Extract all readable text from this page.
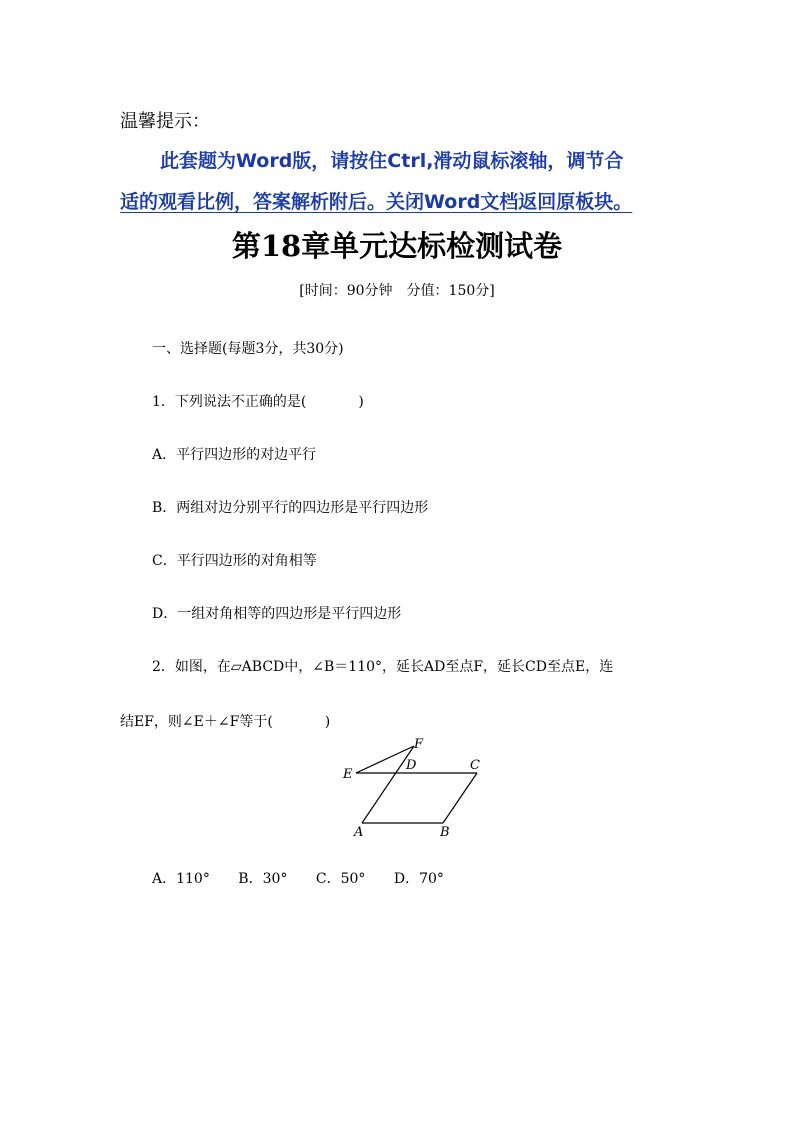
温馨提示：
此套题为Word版，请按住Ctrl,滑动鼠标滚轴，调节合
适的观看比例，答案解析附后。关闭Word文档返回原板块。
第18章单元达标检测试卷
[时间：90分钟　分值：150分]
一、选择题(每题3分，共30分)
1．下列说法不正确的是(	)
A．平行四边形的对边平行
B．两组对边分别平行的四边形是平行四边形
C．平行四边形的对角相等
D．一组对角相等的四边形是平行四边形
2．如图，在▱ABCD中，∠B＝110°，延长AD至点F，延长CD至点E，连
结EF，则∠E＋∠F等于(	)
A	B
C
D
E
F
A．110° B．30° C．50° D．70°
